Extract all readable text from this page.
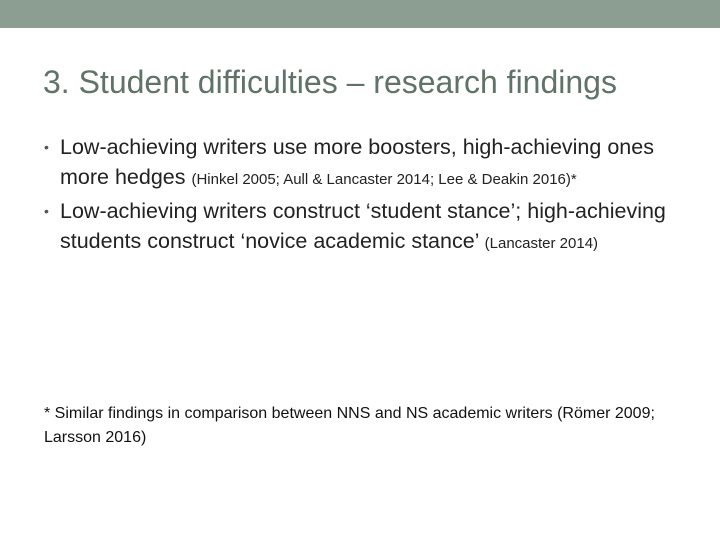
3. Student difficulties – research findings
• Low-achieving writers use more boosters, high-achieving ones more hedges (Hinkel 2005; Aull & Lancaster 2014; Lee & Deakin 2016)*
• Low-achieving writers construct ‘student stance’; high-achieving students construct ‘novice academic stance’ (Lancaster 2014)

* Similar findings in comparison between NNS and NS academic writers (Römer 2009; Larsson 2016)
